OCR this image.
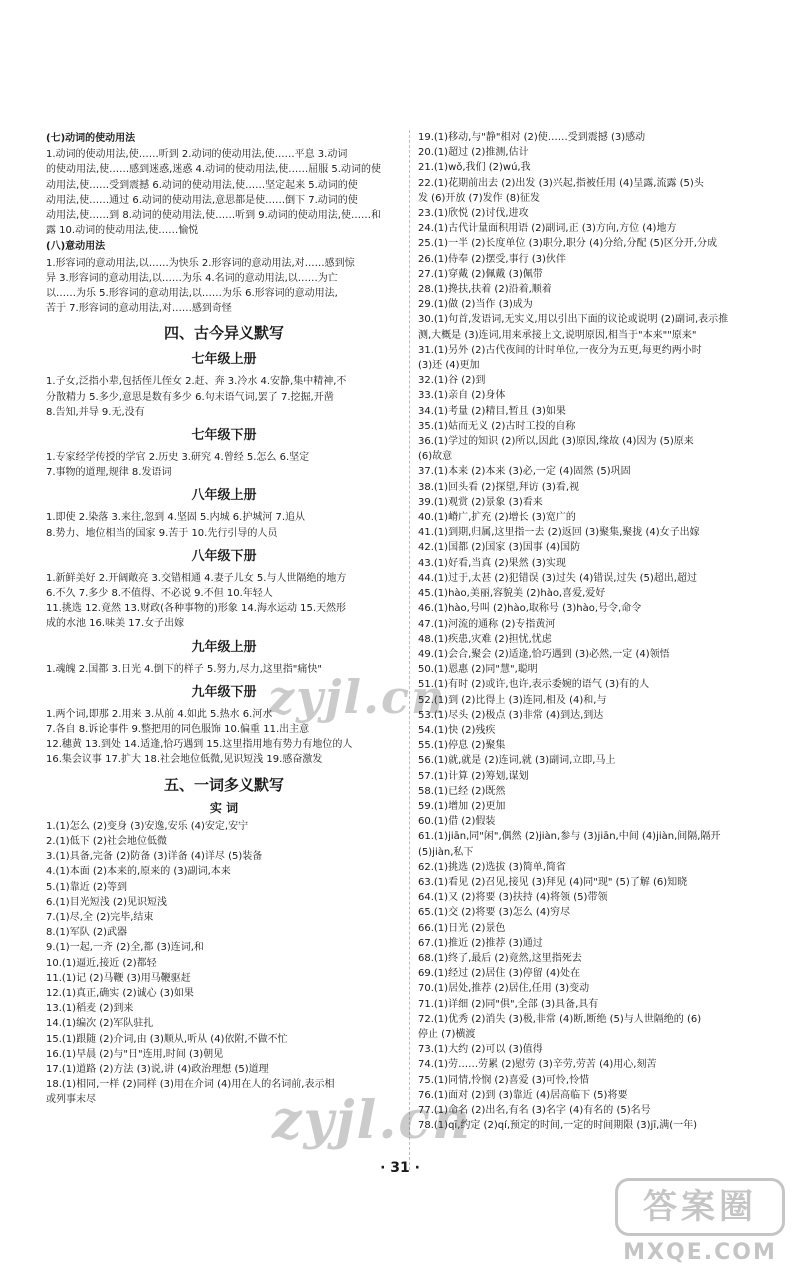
(七)动词的使动用法
1.动词的使动用法,使……听到 2.动词的使动用法,使……平息 3.动词
的使动用法,使……感到迷惑,迷惑 4.动词的使动用法,使……屈服 5.动词的使
动用法,使……受到震撼 6.动词的使动用法,使……坚定起来 5.动词的使
动用法,使……通过 6.动词的使动用法,意思都是使……倒下 7.动词的使
动用法,使……到 8.动词的使动用法,使……听到 9.动词的使动用法,使……和
露 10.动词的使动用法,使……愉悦
(八)意动用法
1.形容词的意动用法,以……为快乐 2.形容词的意动用法,对……感到惊
异 3.形容词的意动用法,以……为乐 4.名词的意动用法,以……为亡
以……为乐 5.形容词的意动用法,以……为乐 6.形容词的意动用法,
苦于 7.形容词的意动用法,对……感到奇怪
四、古今异义默写
七年级上册
1.子女,泛指小辈,包括侄儿侄女 2.赶、奔 3.冷水 4.安静,集中精神,不
分散精力 5.多少,意思是数有多少 6.句末语气词,罢了 7.挖掘,开凿
8.告知,并导 9.无,没有
七年级下册
1.专家经学传授的学官 2.历史 3.研究 4.曾经 5.怎么 6.坚定
7.事物的道理,规律 8.发语词
八年级上册
1.即使 2.染落 3.来往,忽到 4.坚固 5.内城 6.护城河 7.追从
8.势力、地位相当的国家 9.苦于 10.先行引导的人员
八年级下册
1.新鲜美好 2.开阔敞亮 3.交错相通 4.妻子儿女 5.与人世隔绝的地方
6.不久 7.多少 8.不值得、不必说 9.不但 10.年轻人
11.挑选 12.竟然 13.财政(各种事物的)形象 14.海水运动 15.天然形
成的水池 16.味美 17.女子出嫁
九年级上册
1.魂魄 2.国都 3.日光 4.倒下的样子 5.努力,尽力,这里指"痛快"
九年级下册
1.两个词,即那 2.用来 3.从前 4.如此 5.热水 6.河水
7.各自 8.诉论事件 9.整把用的同色服饰 10.偏重 11.出主意
12.穗黄 13.到处 14.适逢,恰巧遇到 15.这里指用地有势力有地位的人
16.集会议事 17.扩大 18.社会地位低微,见识短浅 19.感奋激发
五、一词多义默写
实 词
1.(1)怎么 (2)变身 (3)安逸,安乐 (4)安定,安宁
2.(1)低下 (2)社会地位低微
3.(1)具备,完备 (2)防备 (3)详备 (4)详尽 (5)装备
4.(1)本面 (2)本来的,原来的 (3)副词,本来
5.(1)靠近 (2)等到
6.(1)目光短浅 (2)见识短浅
7.(1)尽,全 (2)完毕,结束
8.(1)军队 (2)武器
9.(1)一起,一齐 (2)全,都 (3)连词,和
10.(1)逼近,接近 (2)都轻
11.(1)记 (2)马鞭 (3)用马鞭驱赶
12.(1)真正,确实 (2)诚心 (3)如果
13.(1)稻麦 (2)到来
14.(1)编次 (2)军队驻扎
15.(1)跟随 (2)介词,由 (3)顺从,听从 (4)依附,不做不忙
16.(1)早晨 (2)与"日"连用,时间 (3)朝见
17.(1)道路 (2)方法 (3)说,讲 (4)政治理想 (5)道理
18.(1)相同,一样 (2)同样 (3)用在介词 (4)用在人的名词前,表示相
或列事末尽
19.(1)移动,与"静"相对 (2)使……受到震撼 (3)感动
20.(1)超过 (2)推测,估计
21.(1)wǒ,我们 (2)wú,我
22.(1)花期前出去 (2)出发 (3)兴起,指被任用 (4)呈露,流露 (5)头
发 (6)开放 (7)发作 (8)征发
23.(1)欣悦 (2)讨伐,进攻
24.(1)古代计量面积用语 (2)副词,正 (3)方向,方位 (4)地方
25.(1)一半 (2)长度单位 (3)职分,职分 (4)分给,分配 (5)区分开,分成
26.(1)侍奉 (2)摆受,事行 (3)伙伴
27.(1)穿戴 (2)佩戴 (3)佩带
28.(1)搀扶,扶着 (2)沿着,顺着
29.(1)做 (2)当作 (3)成为
30.(1)句首,发语词,无实义,用以引出下面的议论或说明 (2)副词,表示推
测,大概是 (3)连词,用来承接上文,说明原因,相当于"本来""原来"
31.(1)另外 (2)古代夜间的计时单位,一夜分为五更,每更约两小时
(3)还 (4)更加
32.(1)谷 (2)到
33.(1)亲自 (2)身体
34.(1)考量 (2)精目,暂且 (3)如果
35.(1)姑而无义 (2)古时工投的自称
36.(1)学过的知识 (2)所以,因此 (3)原因,缘故 (4)因为 (5)原来
(6)故意
37.(1)本来 (2)本来 (3)必,一定 (4)固然 (5)巩固
38.(1)回头看 (2)探望,拜访 (3)看,视
39.(1)观赏 (2)景象 (3)看来
40.(1)嵴广,扩充 (2)增长 (3)宽广的
41.(1)到期,归属,这里指一去 (2)返回 (3)聚集,聚拢 (4)女子出嫁
42.(1)国都 (2)国家 (3)国事 (4)国防
43.(1)好看,当真 (2)果然 (3)实现
44.(1)过于,太甚 (2)犯错误 (3)过失 (4)错误,过失 (5)超出,超过
45.(1)hào,美丽,容貌美 (2)hào,喜爱,爱好
46.(1)hào,号叫 (2)hào,取称号 (3)hào,号令,命令
47.(1)河流的通称 (2)专指黄河
48.(1)疾患,灾难 (2)担忧,忧虑
49.(1)会合,聚会 (2)适逢,恰巧遇到 (3)必然,一定 (4)领悟
50.(1)恩惠 (2)同"慧",聪明
51.(1)有时 (2)或许,也许,表示委婉的语气 (3)有的人
52.(1)到 (2)比得上 (3)连同,相及 (4)和,与
53.(1)尽头 (2)极点 (3)非常 (4)到达,到达
54.(1)快 (2)残疾
55.(1)停息 (2)聚集
56.(1)就,就是 (2)连词,就 (3)副词,立即,马上
57.(1)计算 (2)筹划,谋划
58.(1)已经 (2)既然
59.(1)增加 (2)更加
60.(1)借 (2)假装
61.(1)jiān,同"闲",偶然 (2)jiàn,参与 (3)jiān,中间 (4)jiàn,间隔,隔开
(5)jiàn,私下
62.(1)挑选 (2)选拔 (3)简单,简省
63.(1)看见 (2)召见,接见 (3)拜见 (4)同"现" (5)了解 (6)知晓
64.(1)又 (2)将要 (3)扶持 (4)将领 (5)带领
65.(1)交 (2)将要 (3)怎么 (4)穷尽
66.(1)日光 (2)景色
67.(1)推近 (2)推荐 (3)通过
68.(1)终了,最后 (2)竟然,这里指死去
69.(1)经过 (2)居住 (3)停留 (4)处在
70.(1)居处,推荐 (2)居住,任用 (3)变动
71.(1)详细 (2)同"俱",全部 (3)具备,具有
72.(1)优秀 (2)消失 (3)极,非常 (4)断,断绝 (5)与人世隔绝的 (6)
停止 (7)横渡
73.(1)大约 (2)可以 (3)值得
74.(1)劳……劳累 (2)慰劳 (3)辛劳,劳苦 (4)用心,刻苦
75.(1)同情,怜悯 (2)喜爱 (3)可怜,怜惜
76.(1)面对 (2)到 (3)靠近 (4)居高临下 (5)将要
77.(1)命名 (2)出名,有名 (3)名字 (4)有名的 (5)名号
78.(1)qī,约定 (2)qí,预定的时间,一定的时间期限 (3)jī,满(一年)
· 31 ·
zyjl.cn
zyjl.cn
答案圈
MXQE.COM
